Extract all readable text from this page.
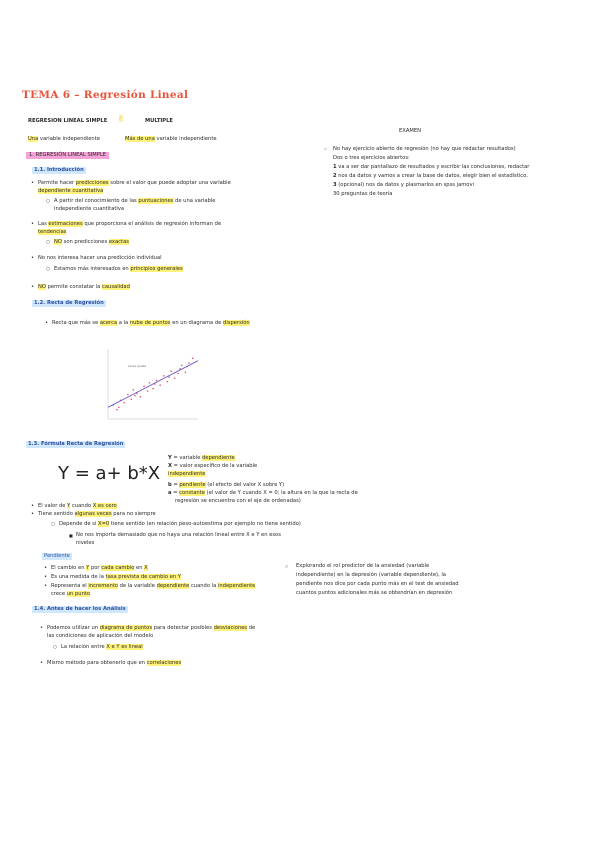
TEMA 6 – Regresión Lineal
REGRESION LINEAL SIMPLE ✌	MULTIPLE
Una variable independiente	Más de una variable independiente
EXAMEN
✧ No hay ejercicio abierto de regresión (no hay que redactar resultados)
Dos o tres ejercicios abiertos:
1 va a ser dar pantallazo de resultados y escribir las conclusiones, redactar
2 nos da datos y vamos a crear la base de datos, elegir bien el estadístico,
3 (opcional) nos da datos y plasmarlos en spss jamovi
30 preguntas de teoría
1. REGRESIÓN LINEAL SIMPLE
1.1. Introducción
• Permite hacer predicciones sobre el valor que puede adoptar una variable
dependiente cuantitativa
○ A partir del conocimiento de las puntuaciones de una variable
independiente cuantitativa
• Las estimaciones que proporciona el análisis de regresión informan de
tendencias
○ NO son predicciones exactas
• No nos interesa hacer una predicción individual
○ Estamos más interesados en principios generales
• NO permite constatar la causalidad
1.2. Recta de Regresión
• Recta que más se acerca a la nube de puntos en un diagrama de dispersión
Línea ajuste
1.3. Fórmula Recta de Regresión
Y = a+ b*X
Y = variable dependiente
X = valor específico de la variable
independiente
b = pendiente (el efecto del valor X sobre Y)
a = constante (el valor de Y cuando X = 0; la altura en la que la recta de
regresión se encuentra con el eje de ordenadas)
• El valor de Y cuando X es cero
• Tiene sentido algunas veces para no siempre
○ Depende de si X=0 tiene sentido (en relación peso-autoestima por ejemplo no tiene sentido)
■ No nos importa demasiado que no haya una relación lineal entre X e Y en esos
niveles
Pendiente
• El cambio en Y por cada cambio en X
• Es una medida de la tasa prevista de cambio en Y
• Representa el incremento de la variable dependiente cuando la independiente
crece un punto
⌕ Explorando el rol predictor de la ansiedad (variable
independiente) en la depresión (variable dependiente), la
pendiente nos dice por cada punto más en el test de ansiedad
cuantos puntos adicionales más se obtendrían en depresión
1.4. Antes de hacer los Análisis
• Podemos utilizar un diagrama de puntos para detectar posibles desviaciones de
las condiciones de aplicación del modelo
○ La relación entre X e Y es lineal
• Mismo método para obtenerlo que en correlaciones
